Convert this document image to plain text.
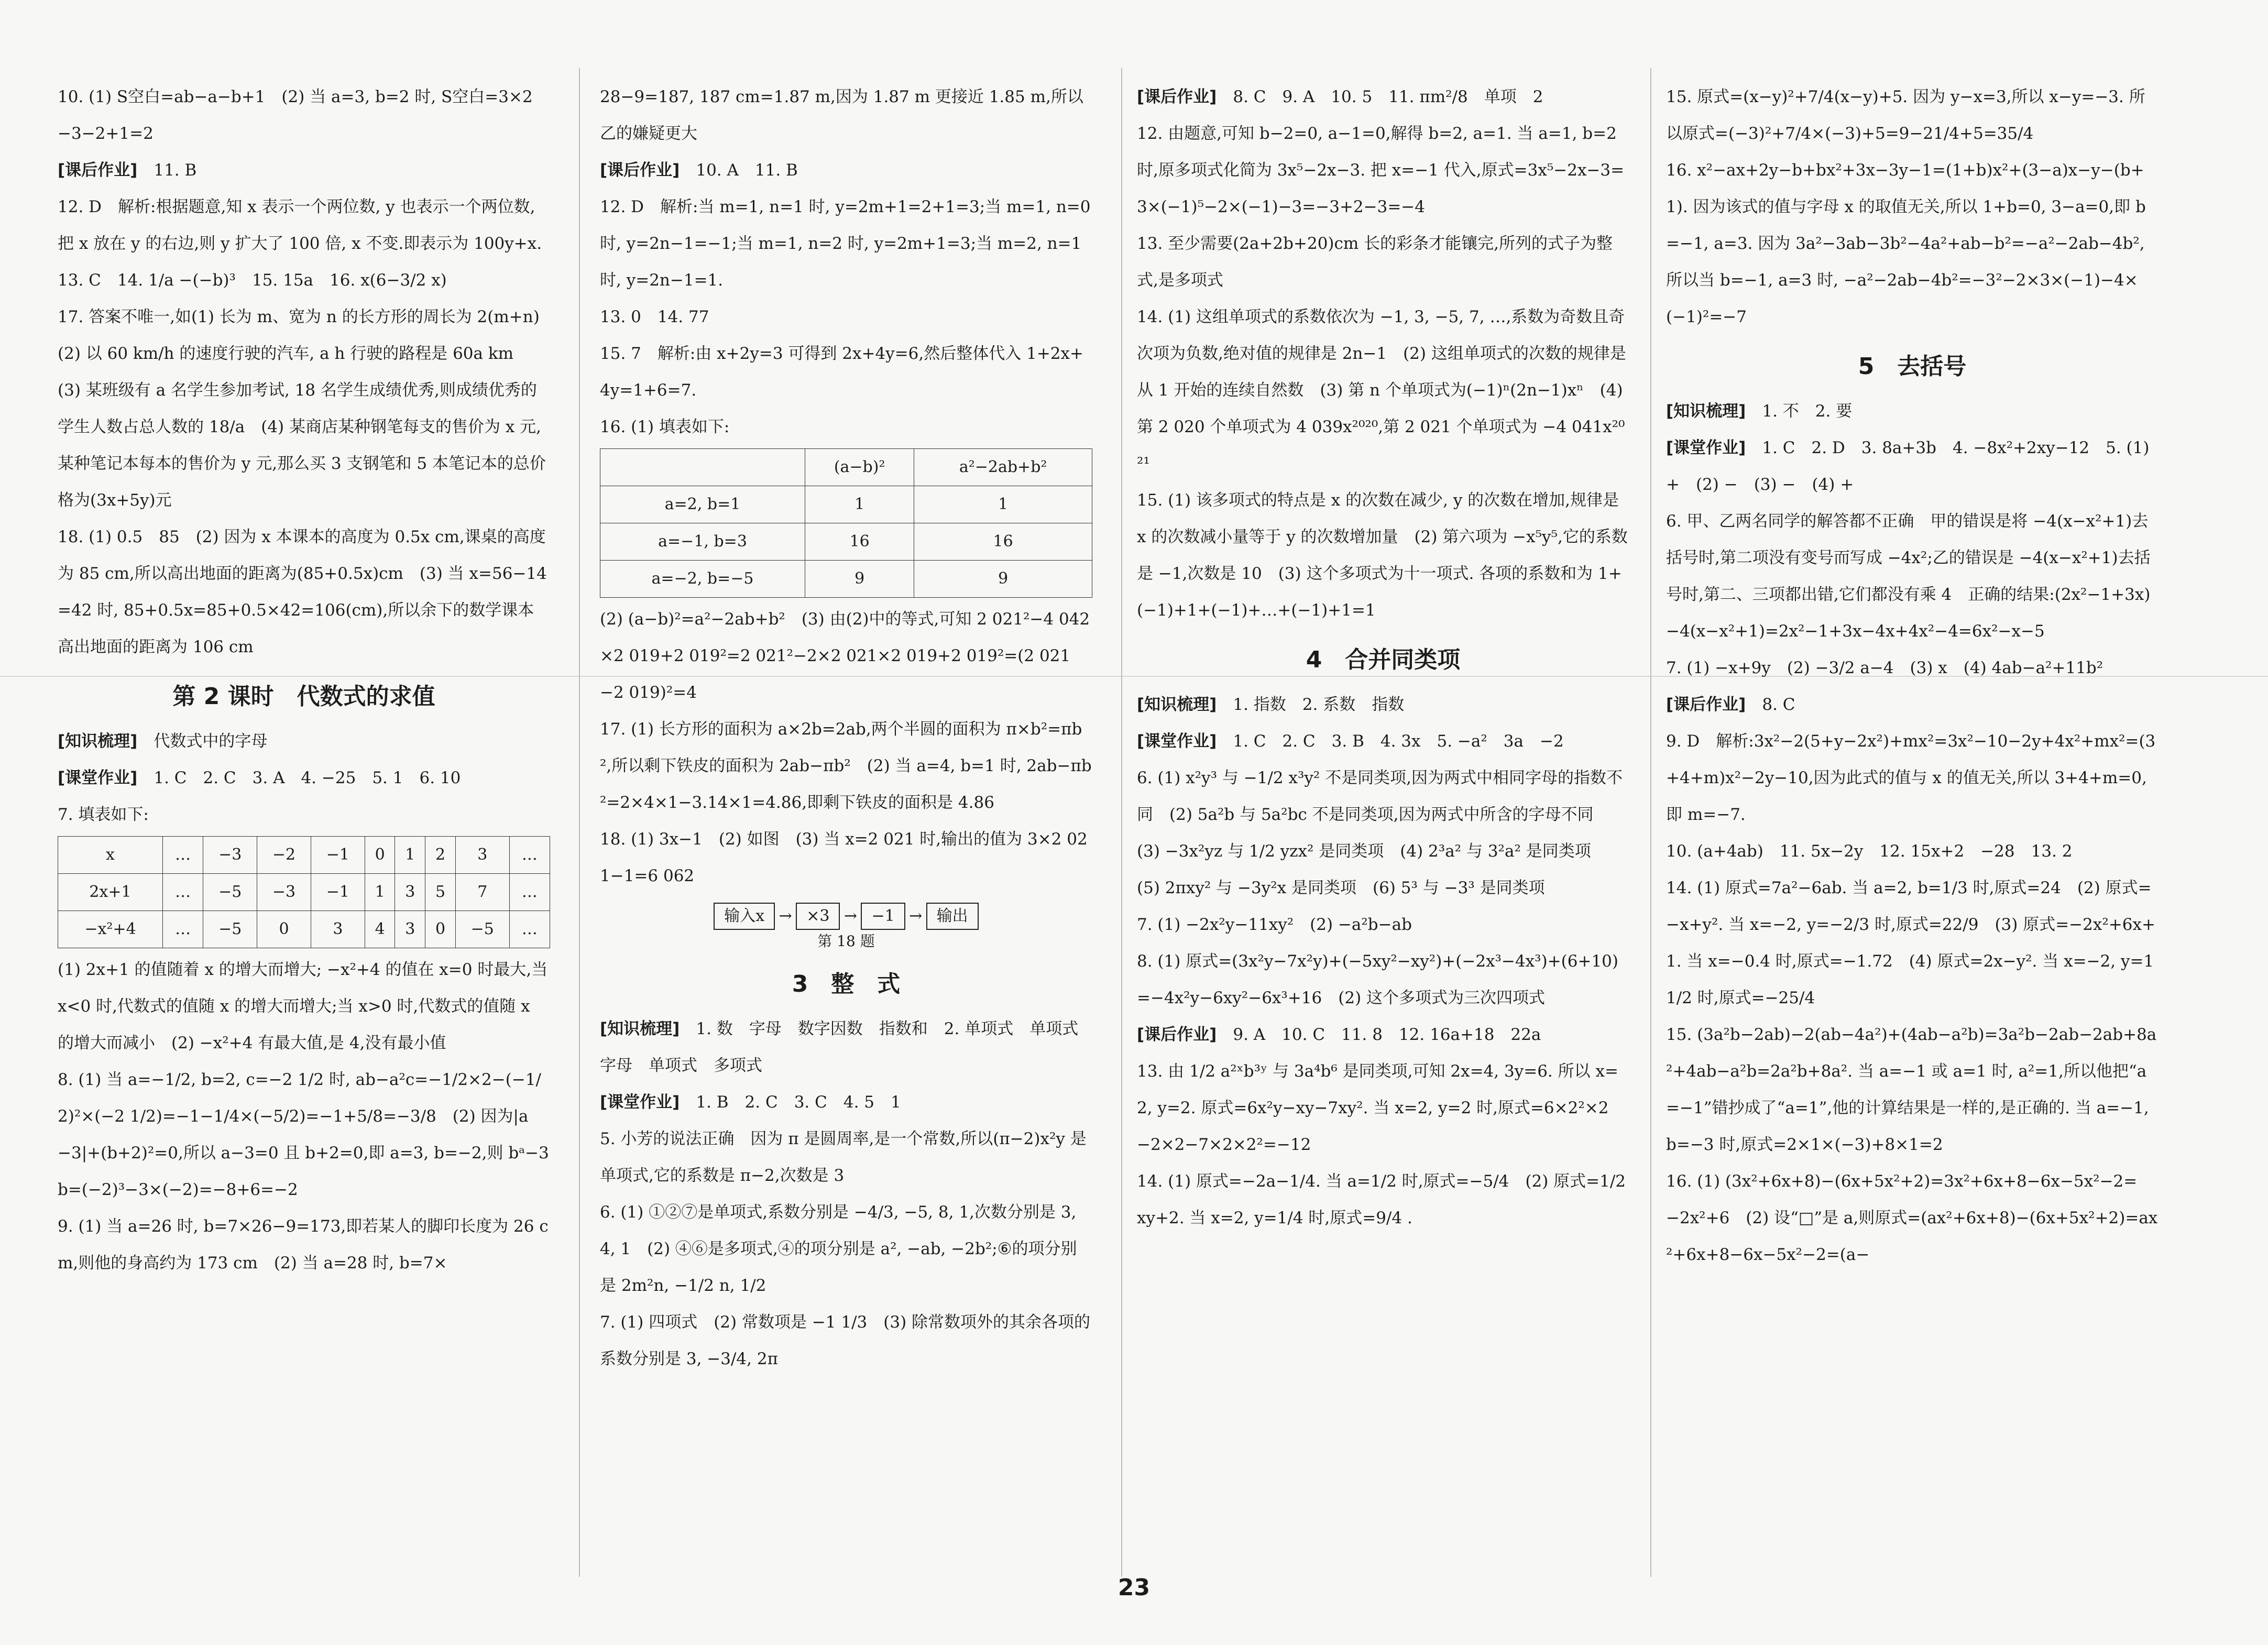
10. (1) S空白=ab−a−b+1　(2) 当 a=3, b=2 时, S空白=3×2−3−2+1=2

[课后作业]　 11. B

12. D　解析:根据题意,知 x 表示一个两位数, y 也表示一个两位数,把 x 放在 y 的右边,则 y 扩大了 100 倍, x 不变.即表示为 100y+x.

13. C　14. 1/a −(−b)³　15. 15a　16. x(6−3/2 x)

17. 答案不唯一,如(1) 长为 m、宽为 n 的长方形的周长为 2(m+n)　(2) 以 60 km/h 的速度行驶的汽车, a h 行驶的路程是 60a km　(3) 某班级有 a 名学生参加考试, 18 名学生成绩优秀,则成绩优秀的学生人数占总人数的 18/a　(4) 某商店某种钢笔每支的售价为 x 元,某种笔记本每本的售价为 y 元,那么买 3 支钢笔和 5 本笔记本的总价格为(3x+5y)元

18. (1) 0.5　85　(2) 因为 x 本课本的高度为 0.5x cm,课桌的高度为 85 cm,所以高出地面的距离为(85+0.5x)cm　(3) 当 x=56−14=42 时, 85+0.5x=85+0.5×42=106(cm),所以余下的数学课本高出地面的距离为 106 cm

第 2 课时　代数式的求值

[知识梳理]　 代数式中的字母

[课堂作业]　 1. C　2. C　3. A　4. −25　5. 1　6. 10

7. 填表如下:

x	…	−3	−2	−1	0	1	2	3	…
2x+1	…	−5	−3	−1	1	3	5	7	…
−x²+4	…	−5	0	3	4	3	0	−5	…

(1) 2x+1 的值随着 x 的增大而增大; −x²+4 的值在 x=0 时最大,当 x<0 时,代数式的值随 x 的增大而增大;当 x>0 时,代数式的值随 x 的增大而减小　(2) −x²+4 有最大值,是 4,没有最小值

8. (1) 当 a=−1/2, b=2, c=−2 1/2 时, ab−a²c=−1/2×2−(−1/2)²×(−2 1/2)=−1−1/4×(−5/2)=−1+5/8=−3/8　(2) 因为|a−3|+(b+2)²=0,所以 a−3=0 且 b+2=0,即 a=3, b=−2,则 bᵃ−3b=(−2)³−3×(−2)=−8+6=−2

9. (1) 当 a=26 时, b=7×26−9=173,即若某人的脚印长度为 26 cm,则他的身高约为 173 cm　(2) 当 a=28 时, b=7×

28−9=187, 187 cm=1.87 m,因为 1.87 m 更接近 1.85 m,所以乙的嫌疑更大

[课后作业]　 10. A　11. B

12. D　解析:当 m=1, n=1 时, y=2m+1=2+1=3;当 m=1, n=0 时, y=2n−1=−1;当 m=1, n=2 时, y=2m+1=3;当 m=2, n=1 时, y=2n−1=1.

13. 0　14. 77

15. 7　解析:由 x+2y=3 可得到 2x+4y=6,然后整体代入 1+2x+4y=1+6=7.

16. (1) 填表如下:

	(a−b)²	a²−2ab+b²
a=2, b=1	1	1
a=−1, b=3	16	16
a=−2, b=−5	9	9

(2) (a−b)²=a²−2ab+b²　(3) 由(2)中的等式,可知 2 021²−4 042×2 019+2 019²=2 021²−2×2 021×2 019+2 019²=(2 021−2 019)²=4

17. (1) 长方形的面积为 a×2b=2ab,两个半圆的面积为 π×b²=πb²,所以剩下铁皮的面积为 2ab−πb²　(2) 当 a=4, b=1 时, 2ab−πb²=2×4×1−3.14×1=4.86,即剩下铁皮的面积是 4.86

18. (1) 3x−1　(2) 如图　(3) 当 x=2 021 时,输出的值为 3×2 021−1=6 062

输入x → ×3 → −1 → 输出
第 18 题
3　整　式

[知识梳理]　 1. 数　字母　数字因数　指数和　2. 单项式　单项式　字母　单项式　多项式

[课堂作业]　 1. B　2. C　3. C　4. 5　1

5. 小芳的说法正确　因为 π 是圆周率,是一个常数,所以(π−2)x²y 是单项式,它的系数是 π−2,次数是 3

6. (1) ①②⑦是单项式,系数分别是 −4/3, −5, 8, 1,次数分别是 3, 4, 1　(2) ④⑥是多项式,④的项分别是 a², −ab, −2b²;⑥的项分别是 2m²n, −1/2 n, 1/2

7. (1) 四项式　(2) 常数项是 −1 1/3　(3) 除常数项外的其余各项的系数分别是 3, −3/4, 2π

[课后作业]　 8. C　9. A　10. 5　11. πm²/8　单项　2

12. 由题意,可知 b−2=0, a−1=0,解得 b=2, a=1. 当 a=1, b=2 时,原多项式化简为 3x⁵−2x−3. 把 x=−1 代入,原式=3x⁵−2x−3=3×(−1)⁵−2×(−1)−3=−3+2−3=−4

13. 至少需要(2a+2b+20)cm 长的彩条才能镶完,所列的式子为整式,是多项式

14. (1) 这组单项式的系数依次为 −1, 3, −5, 7, …,系数为奇数且奇次项为负数,绝对值的规律是 2n−1　(2) 这组单项式的次数的规律是从 1 开始的连续自然数　(3) 第 n 个单项式为(−1)ⁿ(2n−1)xⁿ　(4) 第 2 020 个单项式为 4 039x²⁰²⁰,第 2 021 个单项式为 −4 041x²⁰²¹

15. (1) 该多项式的特点是 x 的次数在减少, y 的次数在增加,规律是 x 的次数减小量等于 y 的次数增加量　(2) 第六项为 −x⁵y⁵,它的系数是 −1,次数是 10　(3) 这个多项式为十一项式. 各项的系数和为 1+(−1)+1+(−1)+…+(−1)+1=1

4　合并同类项

[知识梳理]　 1. 指数　2. 系数　指数

[课堂作业]　 1. C　2. C　3. B　4. 3x　5. −a²　3a　−2

6. (1) x²y³ 与 −1/2 x³y² 不是同类项,因为两式中相同字母的指数不同　(2) 5a²b 与 5a²bc 不是同类项,因为两式中所含的字母不同　(3) −3x²yz 与 1/2 yzx² 是同类项　(4) 2³a² 与 3²a² 是同类项　(5) 2πxy² 与 −3y²x 是同类项　(6) 5³ 与 −3³ 是同类项

7. (1) −2x²y−11xy²　(2) −a²b−ab

8. (1) 原式=(3x²y−7x²y)+(−5xy²−xy²)+(−2x³−4x³)+(6+10)=−4x²y−6xy²−6x³+16　(2) 这个多项式为三次四项式

[课后作业]　 9. A　10. C　11. 8　12. 16a+18　22a

13. 由 1/2 a²ˣb³ʸ 与 3a⁴b⁶ 是同类项,可知 2x=4, 3y=6. 所以 x=2, y=2. 原式=6x²y−xy−7xy². 当 x=2, y=2 时,原式=6×2²×2−2×2−7×2×2²=−12

14. (1) 原式=−2a−1/4. 当 a=1/2 时,原式=−5/4　(2) 原式=1/2 xy+2. 当 x=2, y=1/4 时,原式=9/4 .

15. 原式=(x−y)²+7/4(x−y)+5. 因为 y−x=3,所以 x−y=−3. 所以原式=(−3)²+7/4×(−3)+5=9−21/4+5=35/4

16. x²−ax+2y−b+bx²+3x−3y−1=(1+b)x²+(3−a)x−y−(b+1). 因为该式的值与字母 x 的取值无关,所以 1+b=0, 3−a=0,即 b=−1, a=3. 因为 3a²−3ab−3b²−4a²+ab−b²=−a²−2ab−4b²,所以当 b=−1, a=3 时, −a²−2ab−4b²=−3²−2×3×(−1)−4×(−1)²=−7

5　去括号

[知识梳理]　 1. 不　2. 要

[课堂作业]　 1. C　2. D　3. 8a+3b　4. −8x²+2xy−12　5. (1) +　(2) −　(3) −　(4) +

6. 甲、乙两名同学的解答都不正确　甲的错误是将 −4(x−x²+1)去括号时,第二项没有变号而写成 −4x²;乙的错误是 −4(x−x²+1)去括号时,第二、三项都出错,它们都没有乘 4　正确的结果:(2x²−1+3x)−4(x−x²+1)=2x²−1+3x−4x+4x²−4=6x²−x−5

7. (1) −x+9y　(2) −3/2 a−4　(3) x　(4) 4ab−a²+11b²

[课后作业]　 8. C

9. D　解析:3x²−2(5+y−2x²)+mx²=3x²−10−2y+4x²+mx²=(3+4+m)x²−2y−10,因为此式的值与 x 的值无关,所以 3+4+m=0,即 m=−7.

10. (a+4ab)　11. 5x−2y　12. 15x+2　−28　13. 2

14. (1) 原式=7a²−6ab. 当 a=2, b=1/3 时,原式=24　(2) 原式=−x+y². 当 x=−2, y=−2/3 时,原式=22/9　(3) 原式=−2x²+6x+1. 当 x=−0.4 时,原式=−1.72　(4) 原式=2x−y². 当 x=−2, y=1 1/2 时,原式=−25/4

15. (3a²b−2ab)−2(ab−4a²)+(4ab−a²b)=3a²b−2ab−2ab+8a²+4ab−a²b=2a²b+8a². 当 a=−1 或 a=1 时, a²=1,所以他把“a=−1”错抄成了“a=1”,他的计算结果是一样的,是正确的. 当 a=−1, b=−3 时,原式=2×1×(−3)+8×1=2

16. (1) (3x²+6x+8)−(6x+5x²+2)=3x²+6x+8−6x−5x²−2=−2x²+6　(2) 设“□”是 a,则原式=(ax²+6x+8)−(6x+5x²+2)=ax²+6x+8−6x−5x²−2=(a−

23
